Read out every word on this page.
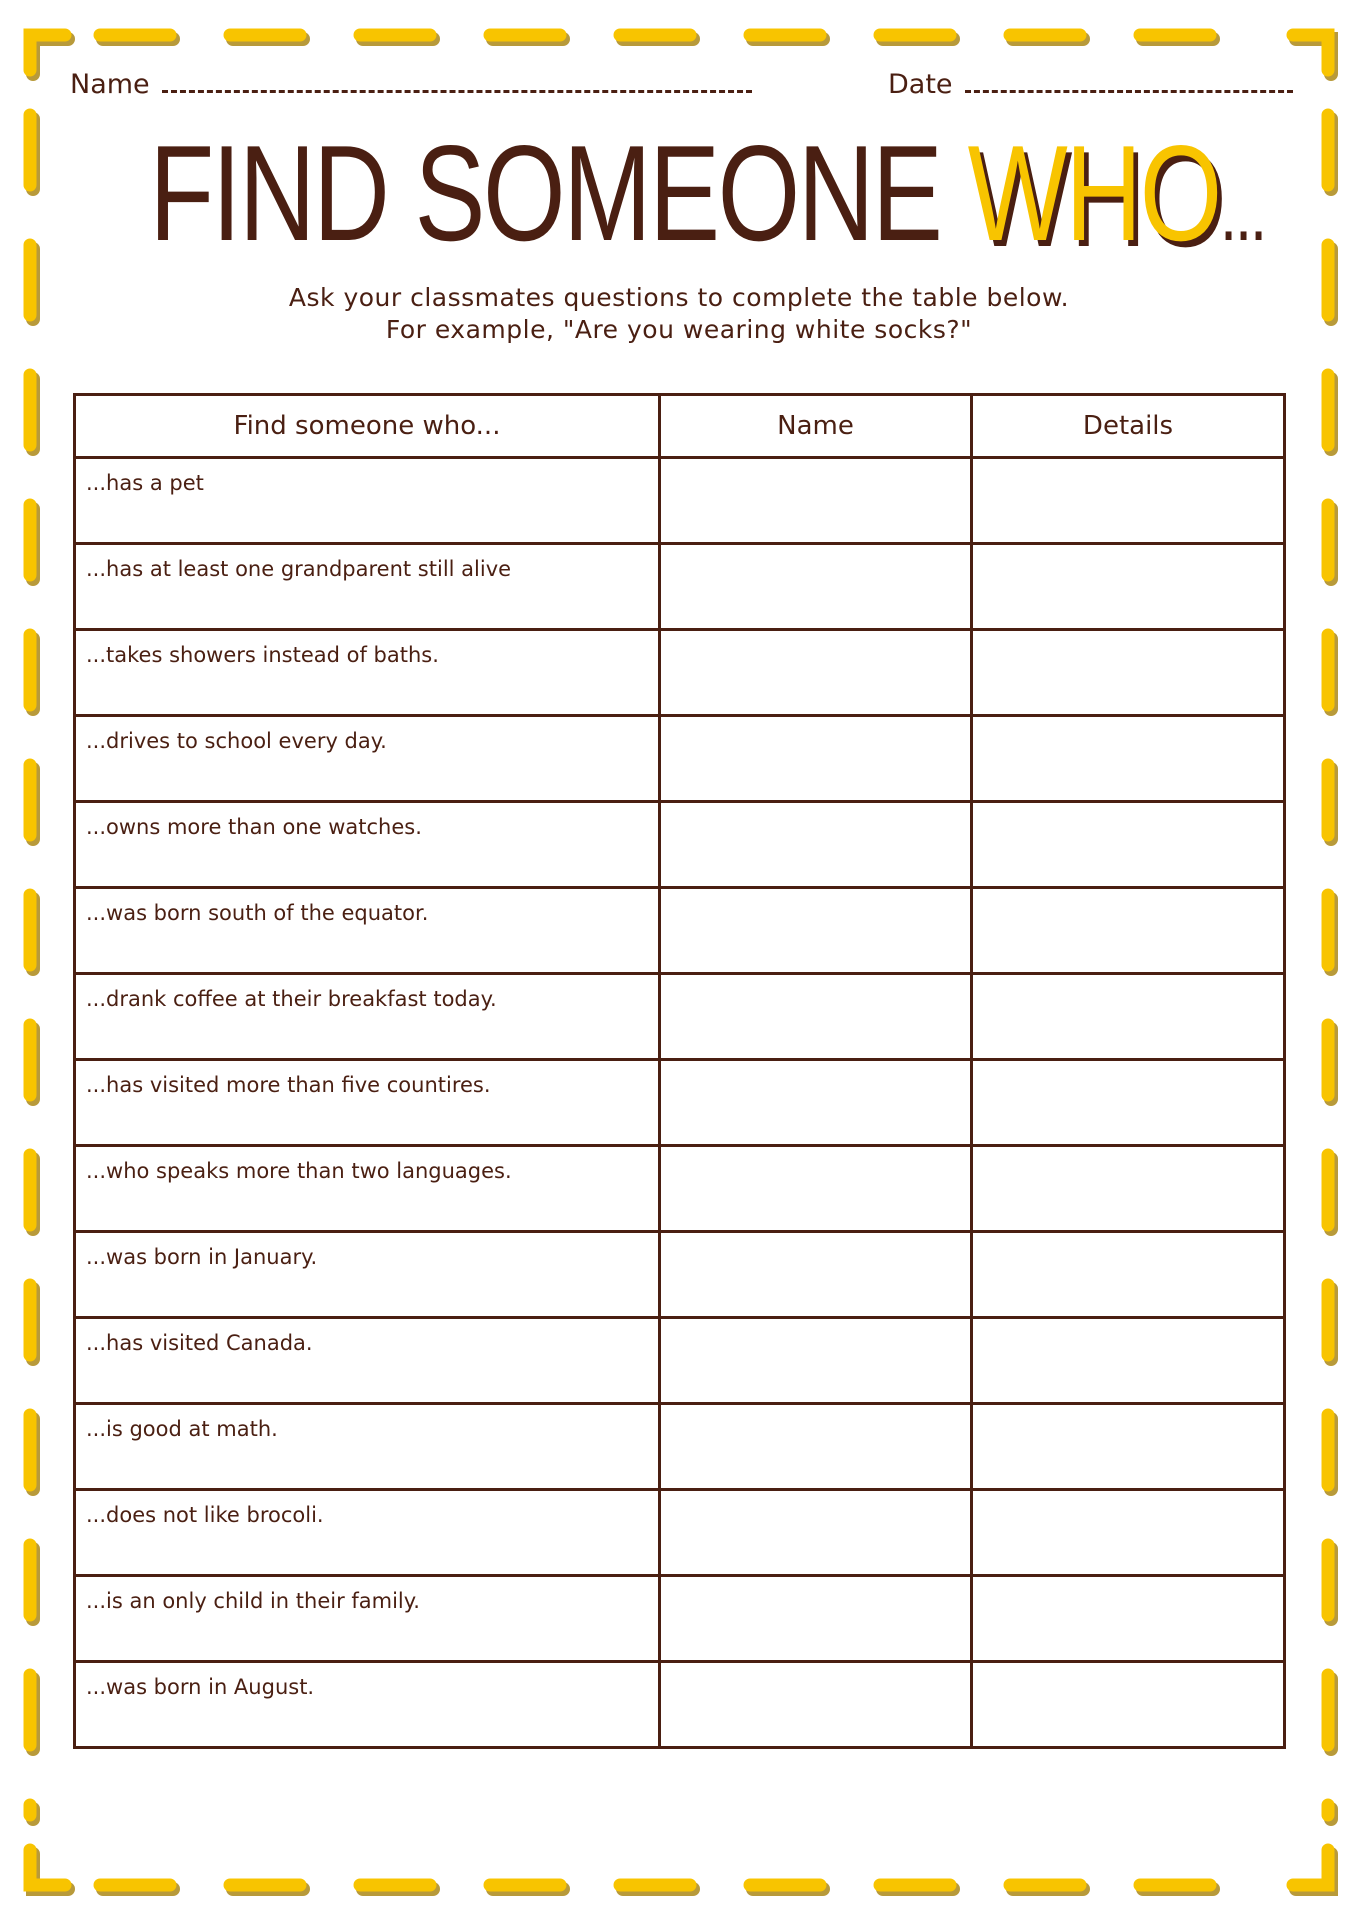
Name	Date
FIND SOMEONE WHO...
Ask your classmates questions to complete the table below.
For example, "Are you wearing white socks?"
Find someone who...	Name	Details
...has a pet		
...has at least one grandparent still alive		
...takes showers instead of baths.		
...drives to school every day.		
...owns more than one watches.		
...was born south of the equator.		
...drank coffee at their breakfast today.		
...has visited more than five countires.		
...who speaks more than two languages.		
...was born in January.		
...has visited Canada.		
...is good at math.		
...does not like brocoli.		
...is an only child in their family.		
...was born in August.		
